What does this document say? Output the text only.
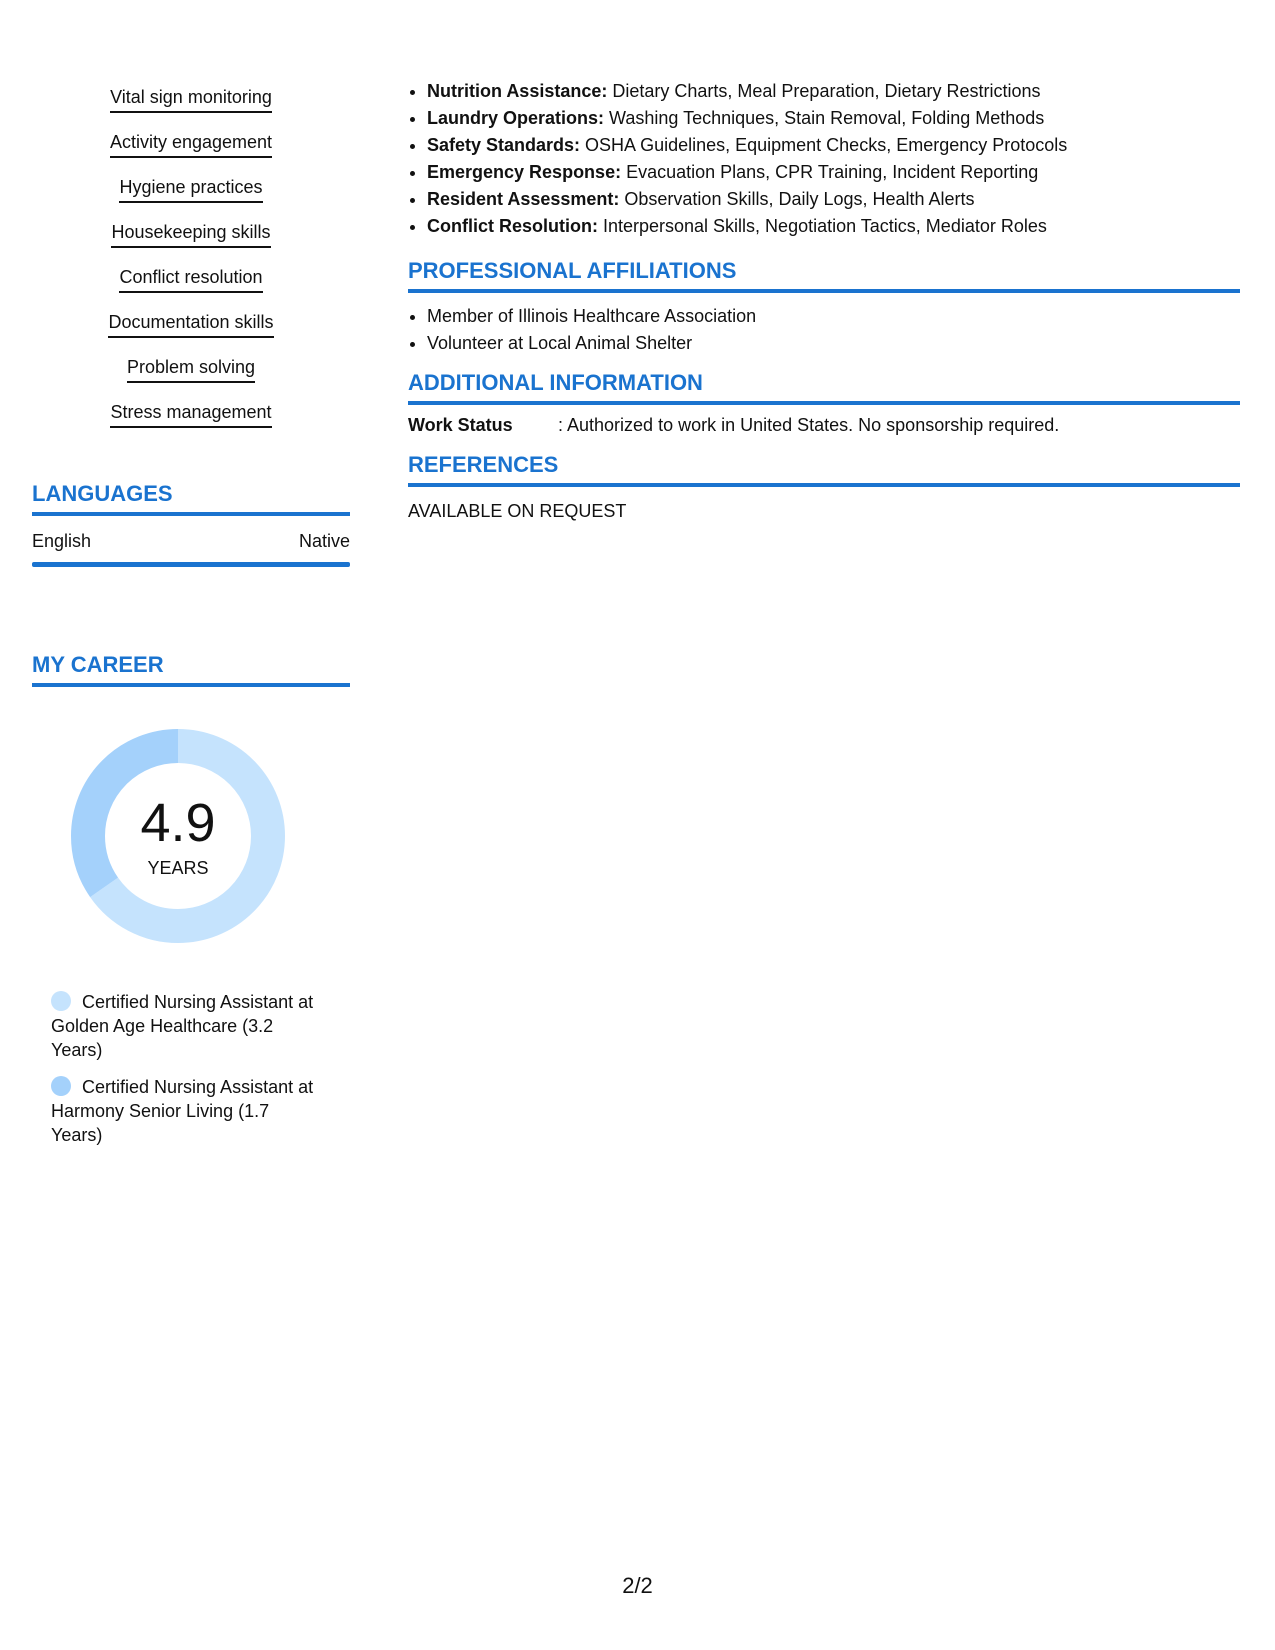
Vital sign monitoring
Activity engagement
Hygiene practices
Housekeeping skills
Conflict resolution
Documentation skills
Problem solving
Stress management
LANGUAGES
English	Native
MY CAREER
4.9
YEARS
Certified Nursing Assistant at Golden Age Healthcare (3.2 Years)
Certified Nursing Assistant at Harmony Senior Living (1.7 Years)
• Nutrition Assistance: Dietary Charts, Meal Preparation, Dietary Restrictions
• Laundry Operations: Washing Techniques, Stain Removal, Folding Methods
• Safety Standards: OSHA Guidelines, Equipment Checks, Emergency Protocols
• Emergency Response: Evacuation Plans, CPR Training, Incident Reporting
• Resident Assessment: Observation Skills, Daily Logs, Health Alerts
• Conflict Resolution: Interpersonal Skills, Negotiation Tactics, Mediator Roles
PROFESSIONAL AFFILIATIONS
• Member of Illinois Healthcare Association
• Volunteer at Local Animal Shelter
ADDITIONAL INFORMATION
Work Status	: Authorized to work in United States. No sponsorship required.
REFERENCES
AVAILABLE ON REQUEST
2/2
